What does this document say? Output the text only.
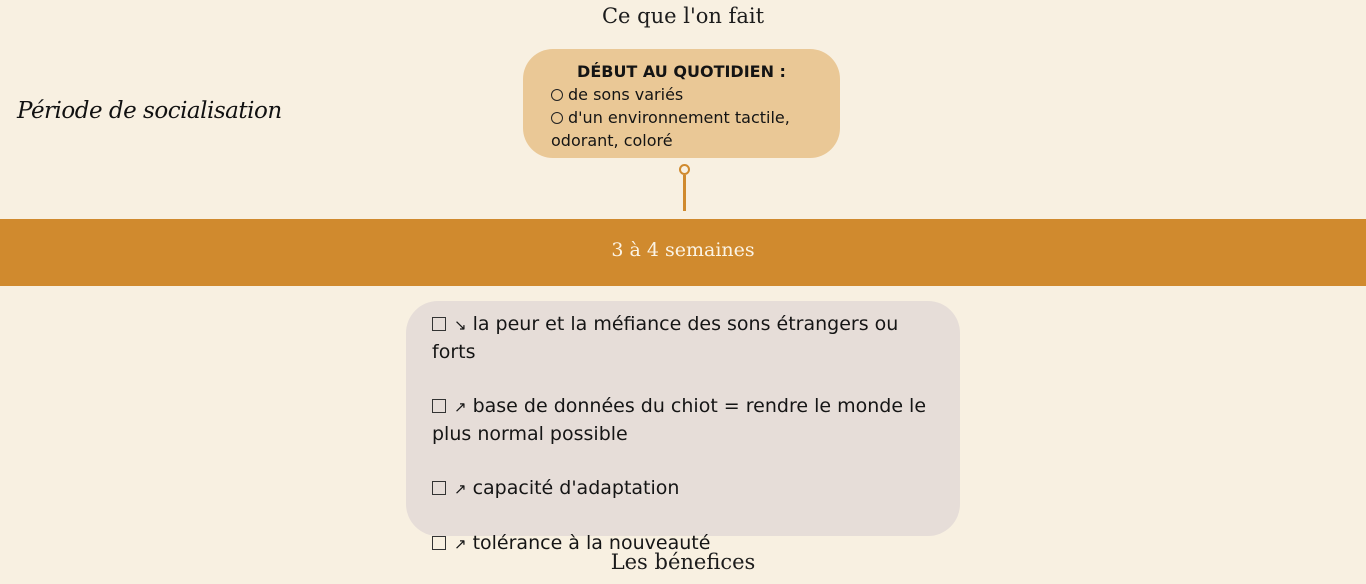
Ce que l'on fait
Période de socialisation
DÉBUT AU QUOTIDIEN :
de sons variés
d'un environnement tactile, odorant, coloré
3 à 4 semaines
↘ la peur et la méfiance des sons étrangers ou forts
↗ base de données du chiot = rendre le monde le plus normal possible
↗ capacité d'adaptation
↗ tolérance à la nouveauté
Les bénefices
